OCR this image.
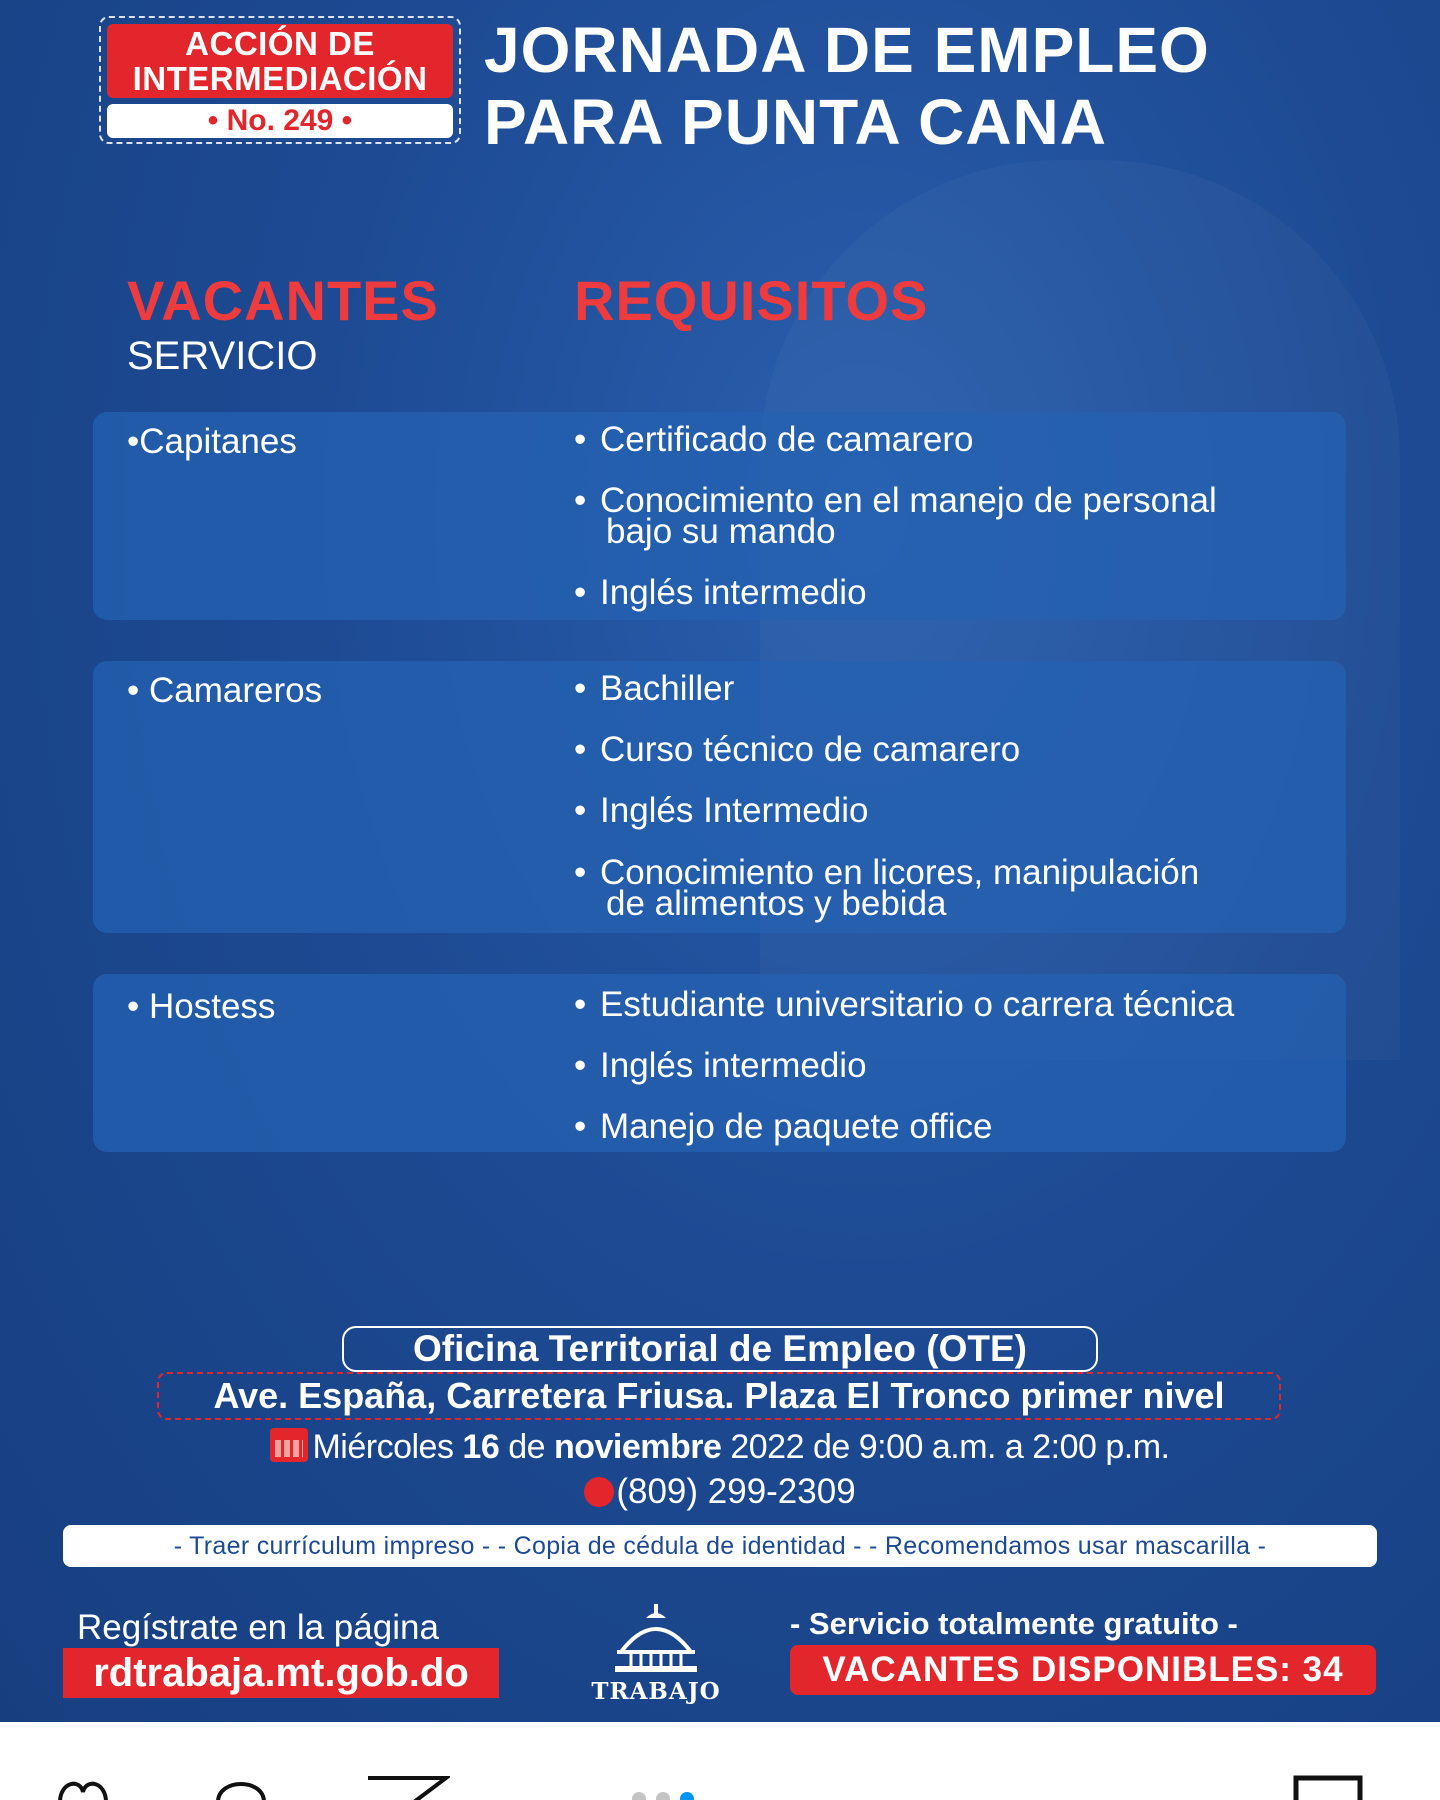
ACCIÓN DE
INTERMEDIACIÓN
• No. 249 •
JORNADA DE EMPLEO
PARA PUNTA CANA
VACANTES REQUISITOS
SERVICIO
•Capitanes	• Certificado de camarero
• Conocimiento en el manejo de personal
bajo su mando
• Inglés intermedio
• Camareros	• Bachiller
• Curso técnico de camarero
• Inglés Intermedio
• Conocimiento en licores, manipulación
de alimentos y bebida
• Hostess	• Estudiante universitario o carrera técnica
• Inglés intermedio
• Manejo de paquete office
Oficina Territorial de Empleo (OTE)
Ave. España, Carretera Friusa. Plaza El Tronco primer nivel
Miércoles 16 de noviembre 2022 de 9:00 a.m. a 2:00 p.m.
(809) 299-2309
- Traer currículum impreso - - Copia de cédula de identidad - - Recomendamos usar mascarilla -
Regístrate en la página
rdtrabaja.mt.gob.do	TRABAJO
- Servicio totalmente gratuito -
VACANTES DISPONIBLES: 34
